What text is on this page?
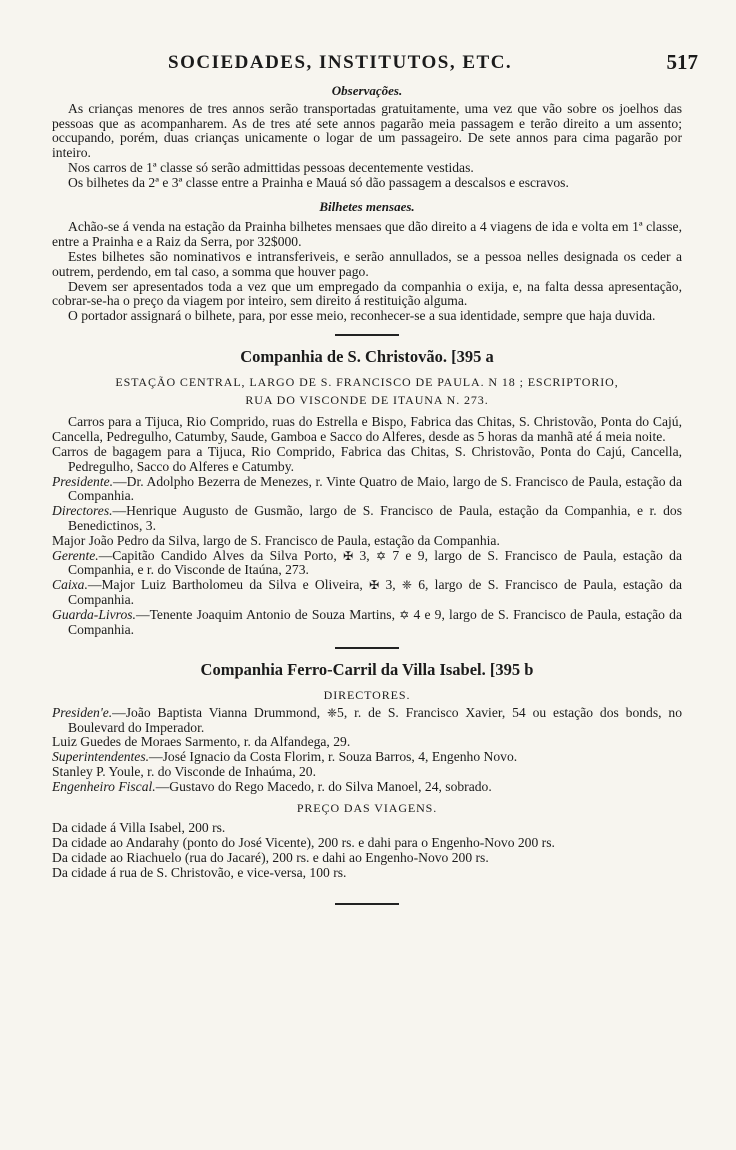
SOCIEDADES, INSTITUTOS, ETC.	517
Observações.

As crianças menores de tres annos serão transportadas gratuitamente, uma vez que vão sobre os joelhos das pessoas que as acompanharem. As de tres até sete annos pagarão meia passagem e terão direito a um assento; occupando, porém, duas crianças unicamente o logar de um passageiro. De sete annos para cima pagarão por inteiro.

Nos carros de 1ª classe só serão admittidas pessoas decentemente vestidas.

Os bilhetes da 2ª e 3ª classe entre a Prainha e Mauá só dão passagem a descalsos e escravos.

Bilhetes mensaes.

Achão-se á venda na estação da Prainha bilhetes mensaes que dão direito a 4 viagens de ida e volta em 1ª classe, entre a Prainha e a Raiz da Serra, por 32$000.

Estes bilhetes são nominativos e intransferiveis, e serão annullados, se a pessoa nelles designada os ceder a outrem, perdendo, em tal caso, a somma que houver pago.

Devem ser apresentados toda a vez que um empregado da companhia o exija, e, na falta dessa apresentação, cobrar-se-ha o preço da viagem por inteiro, sem direito á restituição alguma.

O portador assignará o bilhete, para, por esse meio, reconhecer-se a sua identidade, sempre que haja duvida.

Companhia de S. Christovão. [395 a
ESTAÇÃO CENTRAL, LARGO DE S. FRANCISCO DE PAULA. N 18 ; ESCRIPTORIO,
RUA DO VISCONDE DE ITAUNA N. 273.

Carros para a Tijuca, Rio Comprido, ruas do Estrella e Bispo, Fabrica das Chitas, S. Christovão, Ponta do Cajú, Cancella, Pedregulho, Catumby, Saude, Gamboa e Sacco do Alferes, desde as 5 horas da manhã até á meia noite.

Carros de bagagem para a Tijuca, Rio Comprido, Fabrica das Chitas, S. Christovão, Ponta do Cajú, Cancella, Pedregulho, Sacco do Alferes e Catumby.

Presidente.—Dr. Adolpho Bezerra de Menezes, r. Vinte Quatro de Maio, largo de S. Francisco de Paula, estação da Companhia.

Directores.—Henrique Augusto de Gusmão, largo de S. Francisco de Paula, estação da Companhia, e r. dos Benedictinos, 3.

Major João Pedro da Silva, largo de S. Francisco de Paula, estação da Companhia.

Gerente.—Capitão Candido Alves da Silva Porto, ✠ 3, ✡ 7 e 9, largo de S. Francisco de Paula, estação da Companhia, e r. do Visconde de Itaúna, 273.

Caixa.—Major Luiz Bartholomeu da Silva e Oliveira, ✠ 3, ❈ 6, largo de S. Francisco de Paula, estação da Companhia.

Guarda-Livros.—Tenente Joaquim Antonio de Souza Martins, ✡ 4 e 9, largo de S. Francisco de Paula, estação da Companhia.

Companhia Ferro-Carril da Villa Isabel. [395 b
DIRECTORES.

Presiden'e.—João Baptista Vianna Drummond, ❈5, r. de S. Francisco Xavier, 54 ou estação dos bonds, no Boulevard do Imperador.

Luiz Guedes de Moraes Sarmento, r. da Alfandega, 29.

Superintendentes.—José Ignacio da Costa Florim, r. Souza Barros, 4, Engenho Novo.

Stanley P. Youle, r. do Visconde de Inhaúma, 20.

Engenheiro Fiscal.—Gustavo do Rego Macedo, r. do Silva Manoel, 24, sobrado.

PREÇO DAS VIAGENS.

Da cidade á Villa Isabel, 200 rs.

Da cidade ao Andarahy (ponto do José Vicente), 200 rs. e dahi para o Engenho-Novo 200 rs.

Da cidade ao Riachuelo (rua do Jacaré), 200 rs. e dahi ao Engenho-Novo 200 rs.

Da cidade á rua de S. Christovão, e vice-versa, 100 rs.
